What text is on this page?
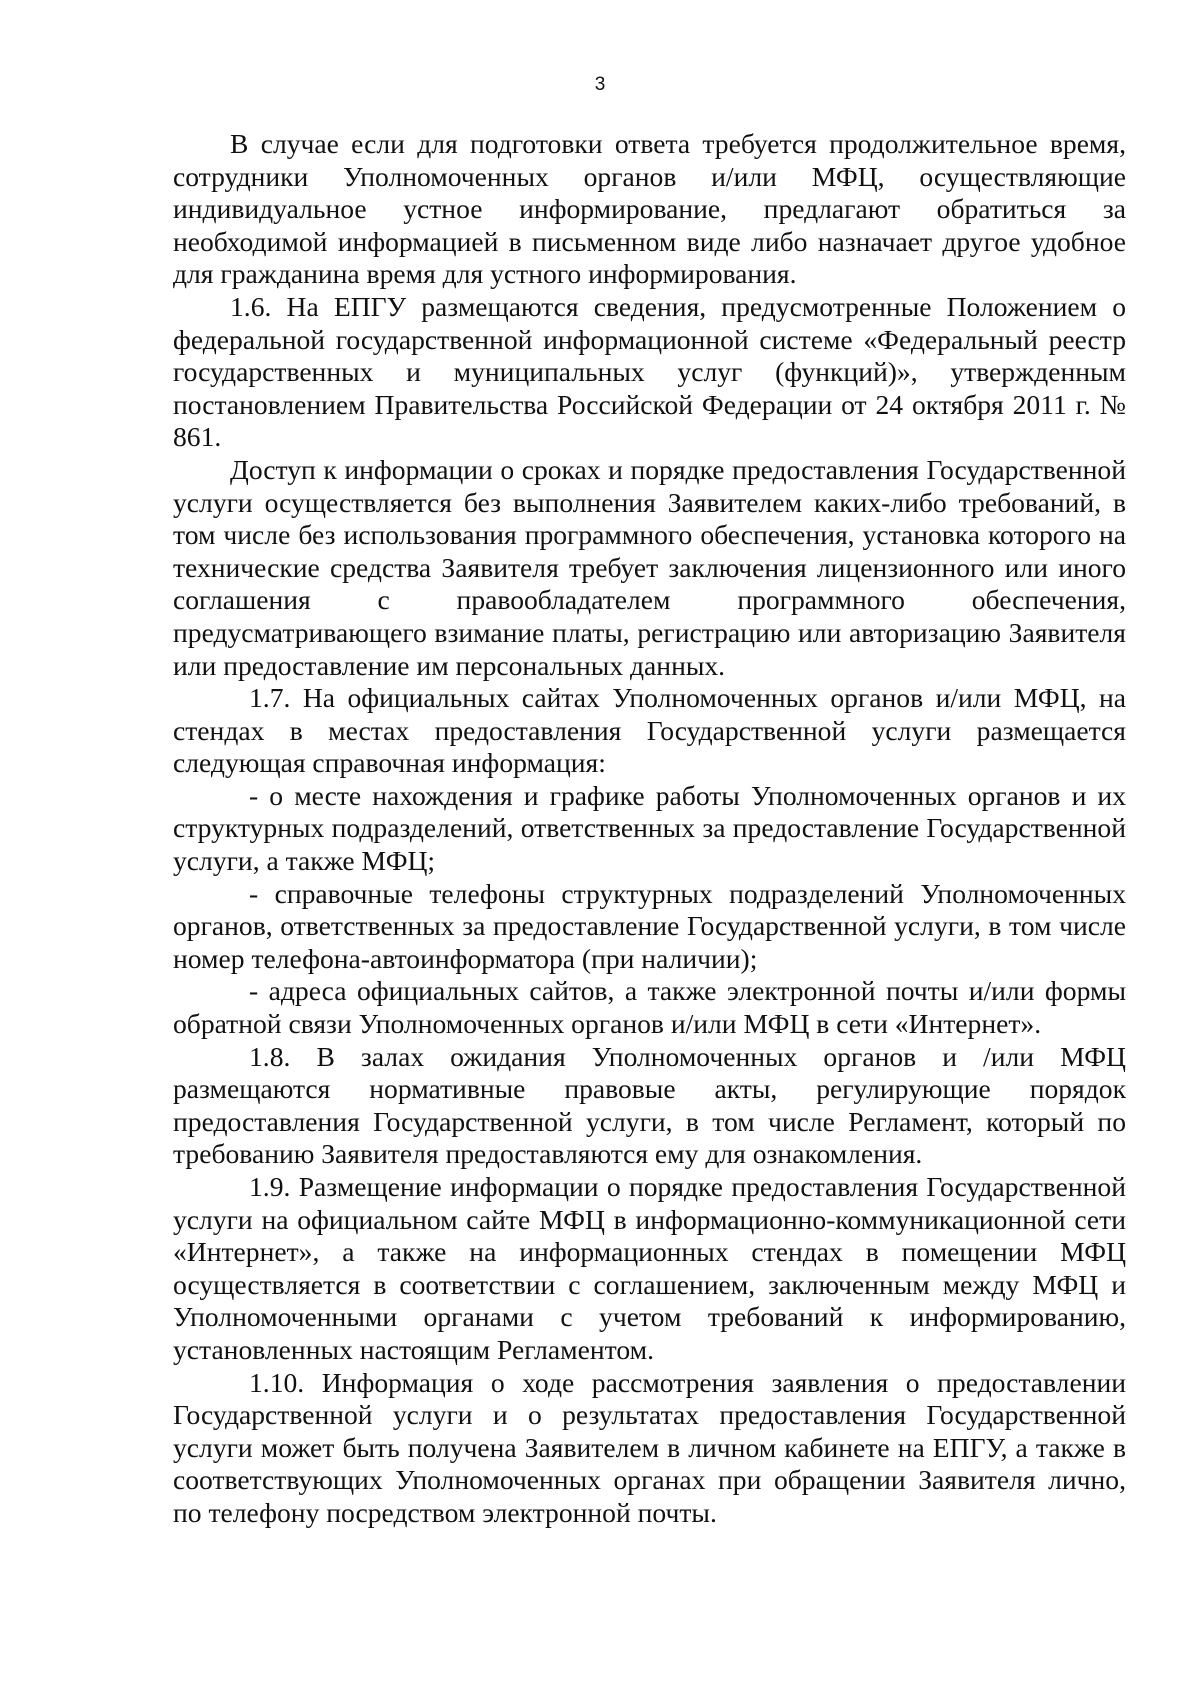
3

В случае если для подготовки ответа требуется продолжительное время, сотрудники Уполномоченных органов и/или МФЦ, осуществляющие индивидуальное устное информирование, предлагают обратиться за необходимой информацией в письменном виде либо назначает другое удобное для гражданина время для устного информирования.

1.6. На ЕПГУ размещаются сведения, предусмотренные Положением о федеральной государственной информационной системе «Федеральный реестр государственных и муниципальных услуг (функций)», утвержденным постановлением Правительства Российской Федерации от 24 октября 2011 г. № 861.

Доступ к информации о сроках и порядке предоставления Государственной услуги осуществляется без выполнения Заявителем каких-либо требований, в том числе без использования программного обеспечения, установка которого на технические средства Заявителя требует заключения лицензионного или иного соглашения с правообладателем программного обеспечения, предусматривающего взимание платы, регистрацию или авторизацию Заявителя или предоставление им персональных данных.

1.7. На официальных сайтах Уполномоченных органов и/или МФЦ, на стендах в местах предоставления Государственной услуги размещается следующая справочная информация:

- о месте нахождения и графике работы Уполномоченных органов и их структурных подразделений, ответственных за предоставление Государственной услуги, а также МФЦ;

- справочные телефоны структурных подразделений Уполномоченных органов, ответственных за предоставление Государственной услуги, в том числе номер телефона-автоинформатора (при наличии);

- адреса официальных сайтов, а также электронной почты и/или формы обратной связи Уполномоченных органов и/или МФЦ в сети «Интернет».

1.8. В залах ожидания Уполномоченных органов и /или МФЦ размещаются нормативные правовые акты, регулирующие порядок предоставления Государственной услуги, в том числе Регламент, который по требованию Заявителя предоставляются ему для ознакомления.

1.9. Размещение информации о порядке предоставления Государственной услуги на официальном сайте МФЦ в информационно-коммуникационной сети «Интернет», а также на информационных стендах в помещении МФЦ осуществляется в соответствии с соглашением, заключенным между МФЦ и Уполномоченными органами с учетом требований к информированию, установленных настоящим Регламентом.

1.10. Информация о ходе рассмотрения заявления о предоставлении Государственной услуги и о результатах предоставления Государственной услуги может быть получена Заявителем в личном кабинете на ЕПГУ, а также в соответствующих Уполномоченных органах при обращении Заявителя лично, по телефону посредством электронной почты.
